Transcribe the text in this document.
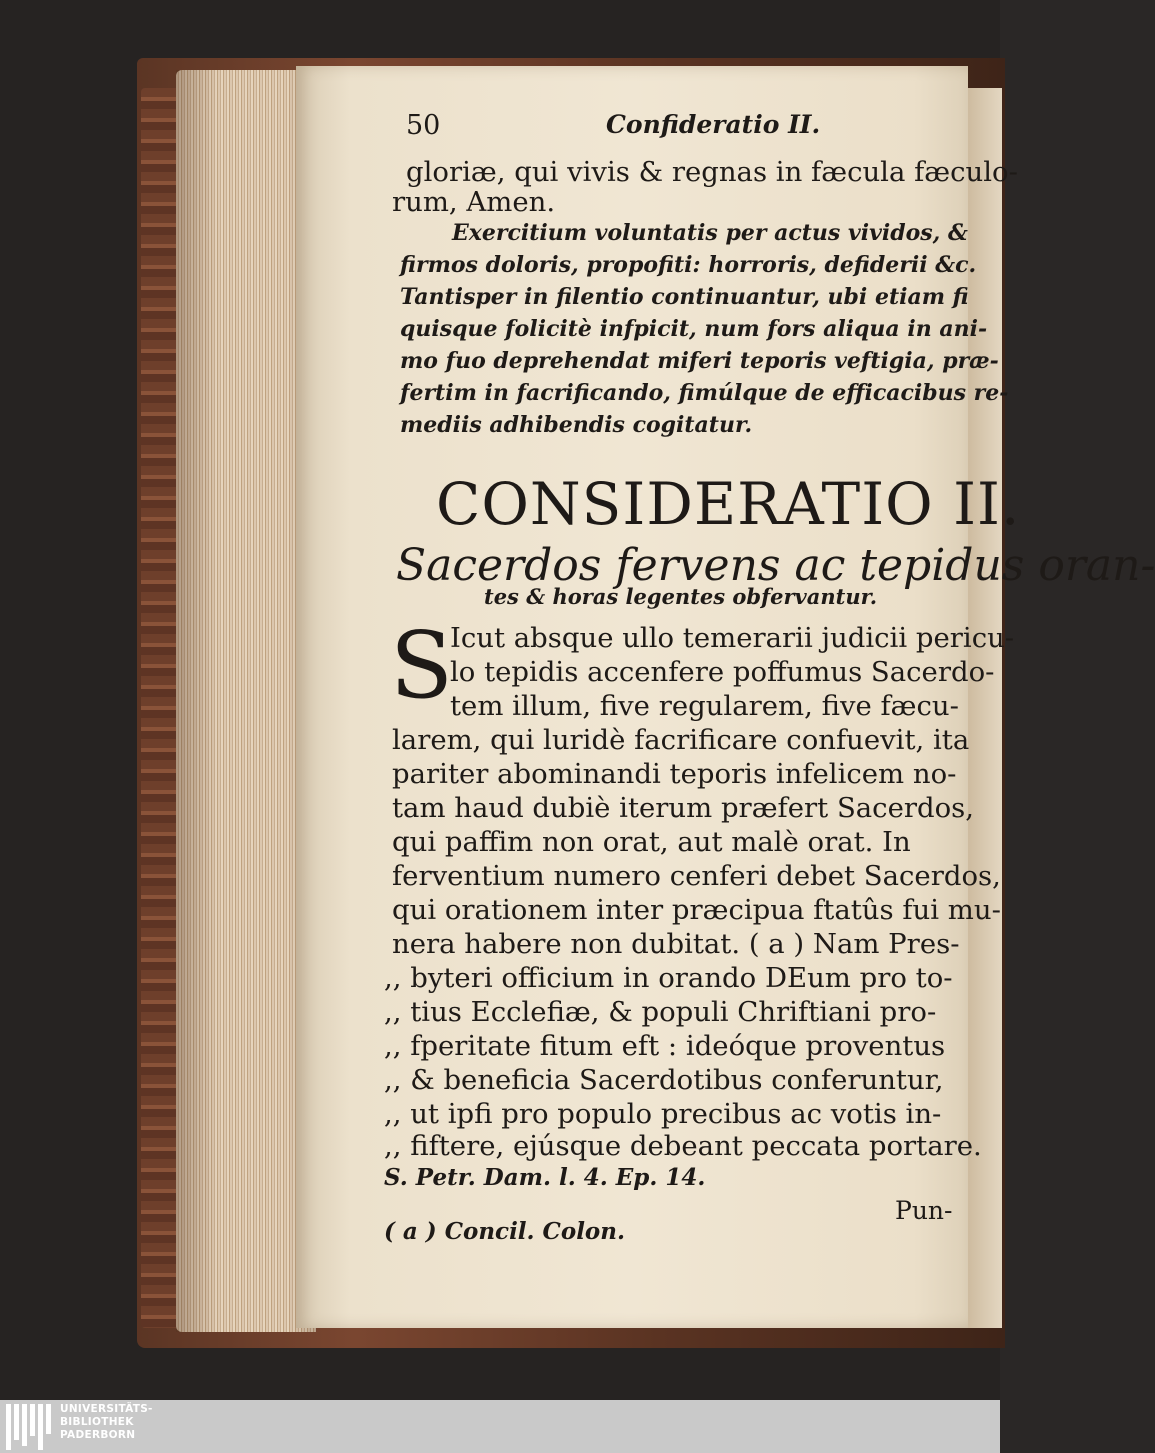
50	Confideratio II.
gloriæ, qui vivis & regnas in fæcula fæculo-
rum, Amen.
Exercitium voluntatis per actus vividos, &
firmos doloris, propofiti: horroris, defiderii &c.
Tantisper in filentio continuantur, ubi etiam fi
quisque folicitè infpicit, num fors aliqua in ani-
mo fuo deprehendat miferi teporis veftigia, præ-
fertim in facrificando, fimúlque de efficacibus re-
mediis adhibendis cogitatur.
CONSIDERATIO II.
Sacerdos fervens ac tepidus oran-
tes & horas legentes obfervantur.
S
Icut absque ullo temerarii judicii pericu-
lo tepidis accenfere poffumus Sacerdo-
tem illum, five regularem, five fæcu-
larem, qui luridè facrificare confuevit, ita
pariter abominandi teporis infelicem no-
tam haud dubiè iterum præfert Sacerdos,
qui paffim non orat, aut malè orat. In
ferventium numero cenferi debet Sacerdos,
qui orationem inter præcipua ftatûs fui mu-
nera habere non dubitat. ( a ) Nam Pres-
,, byteri officium in orando DEum pro to-
,, tius Ecclefiæ, & populi Chriftiani pro-
,, fperitate fitum eft : ideóque proventus
,, & beneficia Sacerdotibus conferuntur,
,, ut ipfi pro populo precibus ac votis in-
,, fiftere, ejúsque debeant peccata portare.
S. Petr. Dam. l. 4. Ep. 14.
Pun-
( a ) Concil. Colon.
UNIVERSITÄTS-
BIBLIOTHEK
PADERBORN
